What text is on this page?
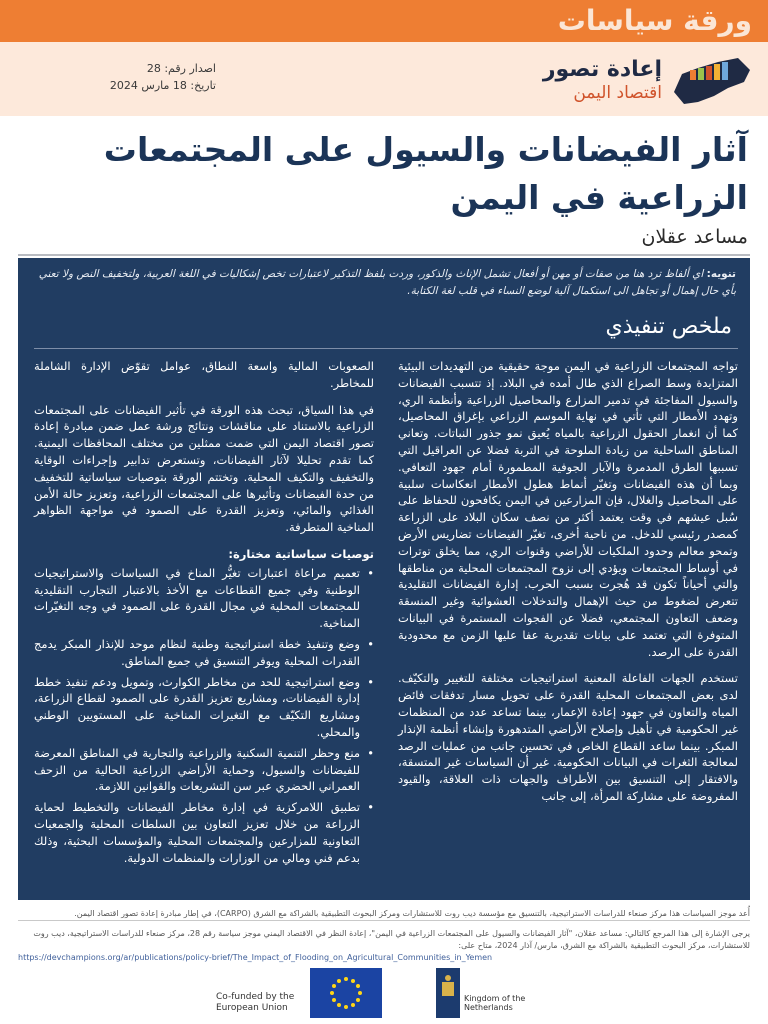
ورقة سياسات
إعادة تصور
اقتصاد اليمن
اصدار رقم: 28
تاريخ: 18 مارس 2024
آثار الفيضانات والسيول على المجتمعات الزراعية في اليمن
مساعد عقلان
تنويه: اي ألفاظ ترد هنا من صفات أو مهن أو أفعال تشمل الإناث والذكور، وردت بلفظ التذكير لاعتبارات تخص إشكاليات في اللغة العربية، ولتخفيف النص ولا تعني بأي حال إهمال أو تجاهل الى استكمال آلية لوضع النساء في قلب لغة الكتابة.
ملخص تنفيذي

تواجه المجتمعات الزراعية في اليمن موجة حقيقية من التهديدات البيئية المتزايدة وسط الصراع الذي طال أمده في البلاد. إذ تتسبب الفيضانات والسيول المفاجئة في تدمير المزارع والمحاصيل الزراعية وأنظمة الري، وتهدد الأمطار التي تأتي في نهاية الموسم الزراعي بإغراق المحاصيل، كما أن انغمار الحقول الزراعية بالمياه يُعيق نمو جذور النباتات. وتعاني المناطق الساحلية من زيادة الملوحة في التربة فضلا عن العراقيل التي تسببها الطرق المدمرة والآبار الجوفية المطمورة أمام جهود التعافي. وبما أن هذه الفيضانات وتغيّر أنماط هطول الأمطار انعكاسات سلبية على المحاصيل والغلال، فإن المزارعين في اليمن يكافحون للحفاظ على سُبل عيشهم في وقت يعتمد أكثر من نصف سكان البلاد على الزراعة كمصدر رئيسي للدخل. من ناحية أخرى، تغيّر الفيضانات تضاريس الأرض وتمحو معالم وحدود الملكيات للأراضي وقنوات الري، مما يخلق توترات في أوساط المجتمعات ويؤدي إلى نزوح المجتمعات المحلية من مناطقها والتي أحياناً تكون قد هُجرت بسبب الحرب. إدارة الفيضانات التقليدية تتعرض لضغوط من حيث الإهمال والتدخلات العشوائية وغير المنسقة وضعف التعاون المجتمعي، فضلا عن الفجوات المستمرة في البيانات المتوفرة التي تعتمد على بيانات تقديرية عفا عليها الزمن مع محدودية القدرة على الرصد.

تستخدم الجهات الفاعلة المعنية استراتيجيات مختلفة للتغيير والتكيّف. لدى بعض المجتمعات المحلية القدرة على تحويل مسار تدفقات فائض المياه والتعاون في جهود إعادة الإعمار، بينما تساعد عدد من المنظمات غير الحكومية في تأهيل وإصلاح الأراضي المتدهورة وإنشاء أنظمة الإنذار المبكر. بينما ساعد القطاع الخاص في تحسين جانب من عمليات الرصد لمعالجة الثغرات في البيانات الحكومية. غير أن السياسات غير المتسقة، والافتقار إلى التنسيق بين الأطراف والجهات ذات العلاقة، والقيود المفروضة على مشاركة المرأة، إلى جانب

الصعوبات المالية واسعة النطاق، عوامل تقوّض الإدارة الشاملة للمخاطر.

في هذا السياق، تبحث هذه الورقة في تأثير الفيضانات على المجتمعات الزراعية بالاستناد على مناقشات ونتائج ورشة عمل ضمن مبادرة إعادة تصور اقتصاد اليمن التي ضمت ممثلين من مختلف المحافظات اليمنية. كما تقدم تحليلا لآثار الفيضانات، وتستعرض تدابير وإجراءات الوقاية والتخفيف والتكيف المحلية. وتختتم الورقة بتوصيات سياساتية للتخفيف من حدة الفيضانات وتأثيرها على المجتمعات الزراعية، وتعزيز حالة الأمن الغذائي والمائي، وتعزيز القدرة على الصمود في مواجهة الظواهر المناخية المتطرفة.

توصيات سياساتية مختارة:
• تعميم مراعاة اعتبارات تغيُّر المناخ في السياسات والاستراتيجيات الوطنية وفي جميع القطاعات مع الأخذ بالاعتبار التجارب التقليدية للمجتمعات المحلية في مجال القدرة على الصمود في وجه التغيّرات المناخية.
• وضع وتنفيذ خطة استراتيجية وطنية لنظام موحد للإنذار المبكر يدمج القدرات المحلية ويوفر التنسيق في جميع المناطق.
• وضع استراتيجية للحد من مخاطر الكوارث، وتمويل ودعم تنفيذ خطط إدارة الفيضانات، ومشاريع تعزيز القدرة على الصمود لقطاع الزراعة، ومشاريع التكيّف مع التغيرات المناخية على المستويين الوطني والمحلي.
• منع وحظر التنمية السكنية والزراعية والتجارية في المناطق المعرضة للفيضانات والسيول، وحماية الأراضي الزراعية الحالية من الزحف العمراني الحضري عبر سن التشريعات والقوانين اللازمة.
• تطبيق اللامركزية في إدارة مخاطر الفيضانات والتخطيط لحماية الزراعة من خلال تعزيز التعاون بين السلطات المحلية والجمعيات التعاونية للمزارعين والمجتمعات المحلية والمؤسسات البحثية، وذلك بدعم فني ومالي من الوزارات والمنظمات الدولية.
أُعد موجز السياسات هذا مركز صنعاء للدراسات الاستراتيجية، بالتنسيق مع مؤسسة ديب روت للاستشارات ومركز البحوث التطبيقية بالشراكة مع الشرق (CARPO)، في إطار مبادرة إعادة تصور اقتصاد اليمن.
يرجى الإشارة إلى هذا المرجع كالتالي: مساعد عقلان، "آثار الفيضانات والسيول على المجتمعات الزراعية في اليمن"، إعادة النظر في الاقتصاد اليمني موجز سياسة رقم 28، مركز صنعاء للدراسات الاستراتيجية، ديب روت للاستشارات، مركز البحوث التطبيقية بالشراكة مع الشرق، مارس/ آذار 2024، متاح على:
https://devchampions.org/ar/publications/policy-brief/The_Impact_of_Flooding_on_Agricultural_Communities_in_Yemen
Co-funded by the European Union
Kingdom of the Netherlands
